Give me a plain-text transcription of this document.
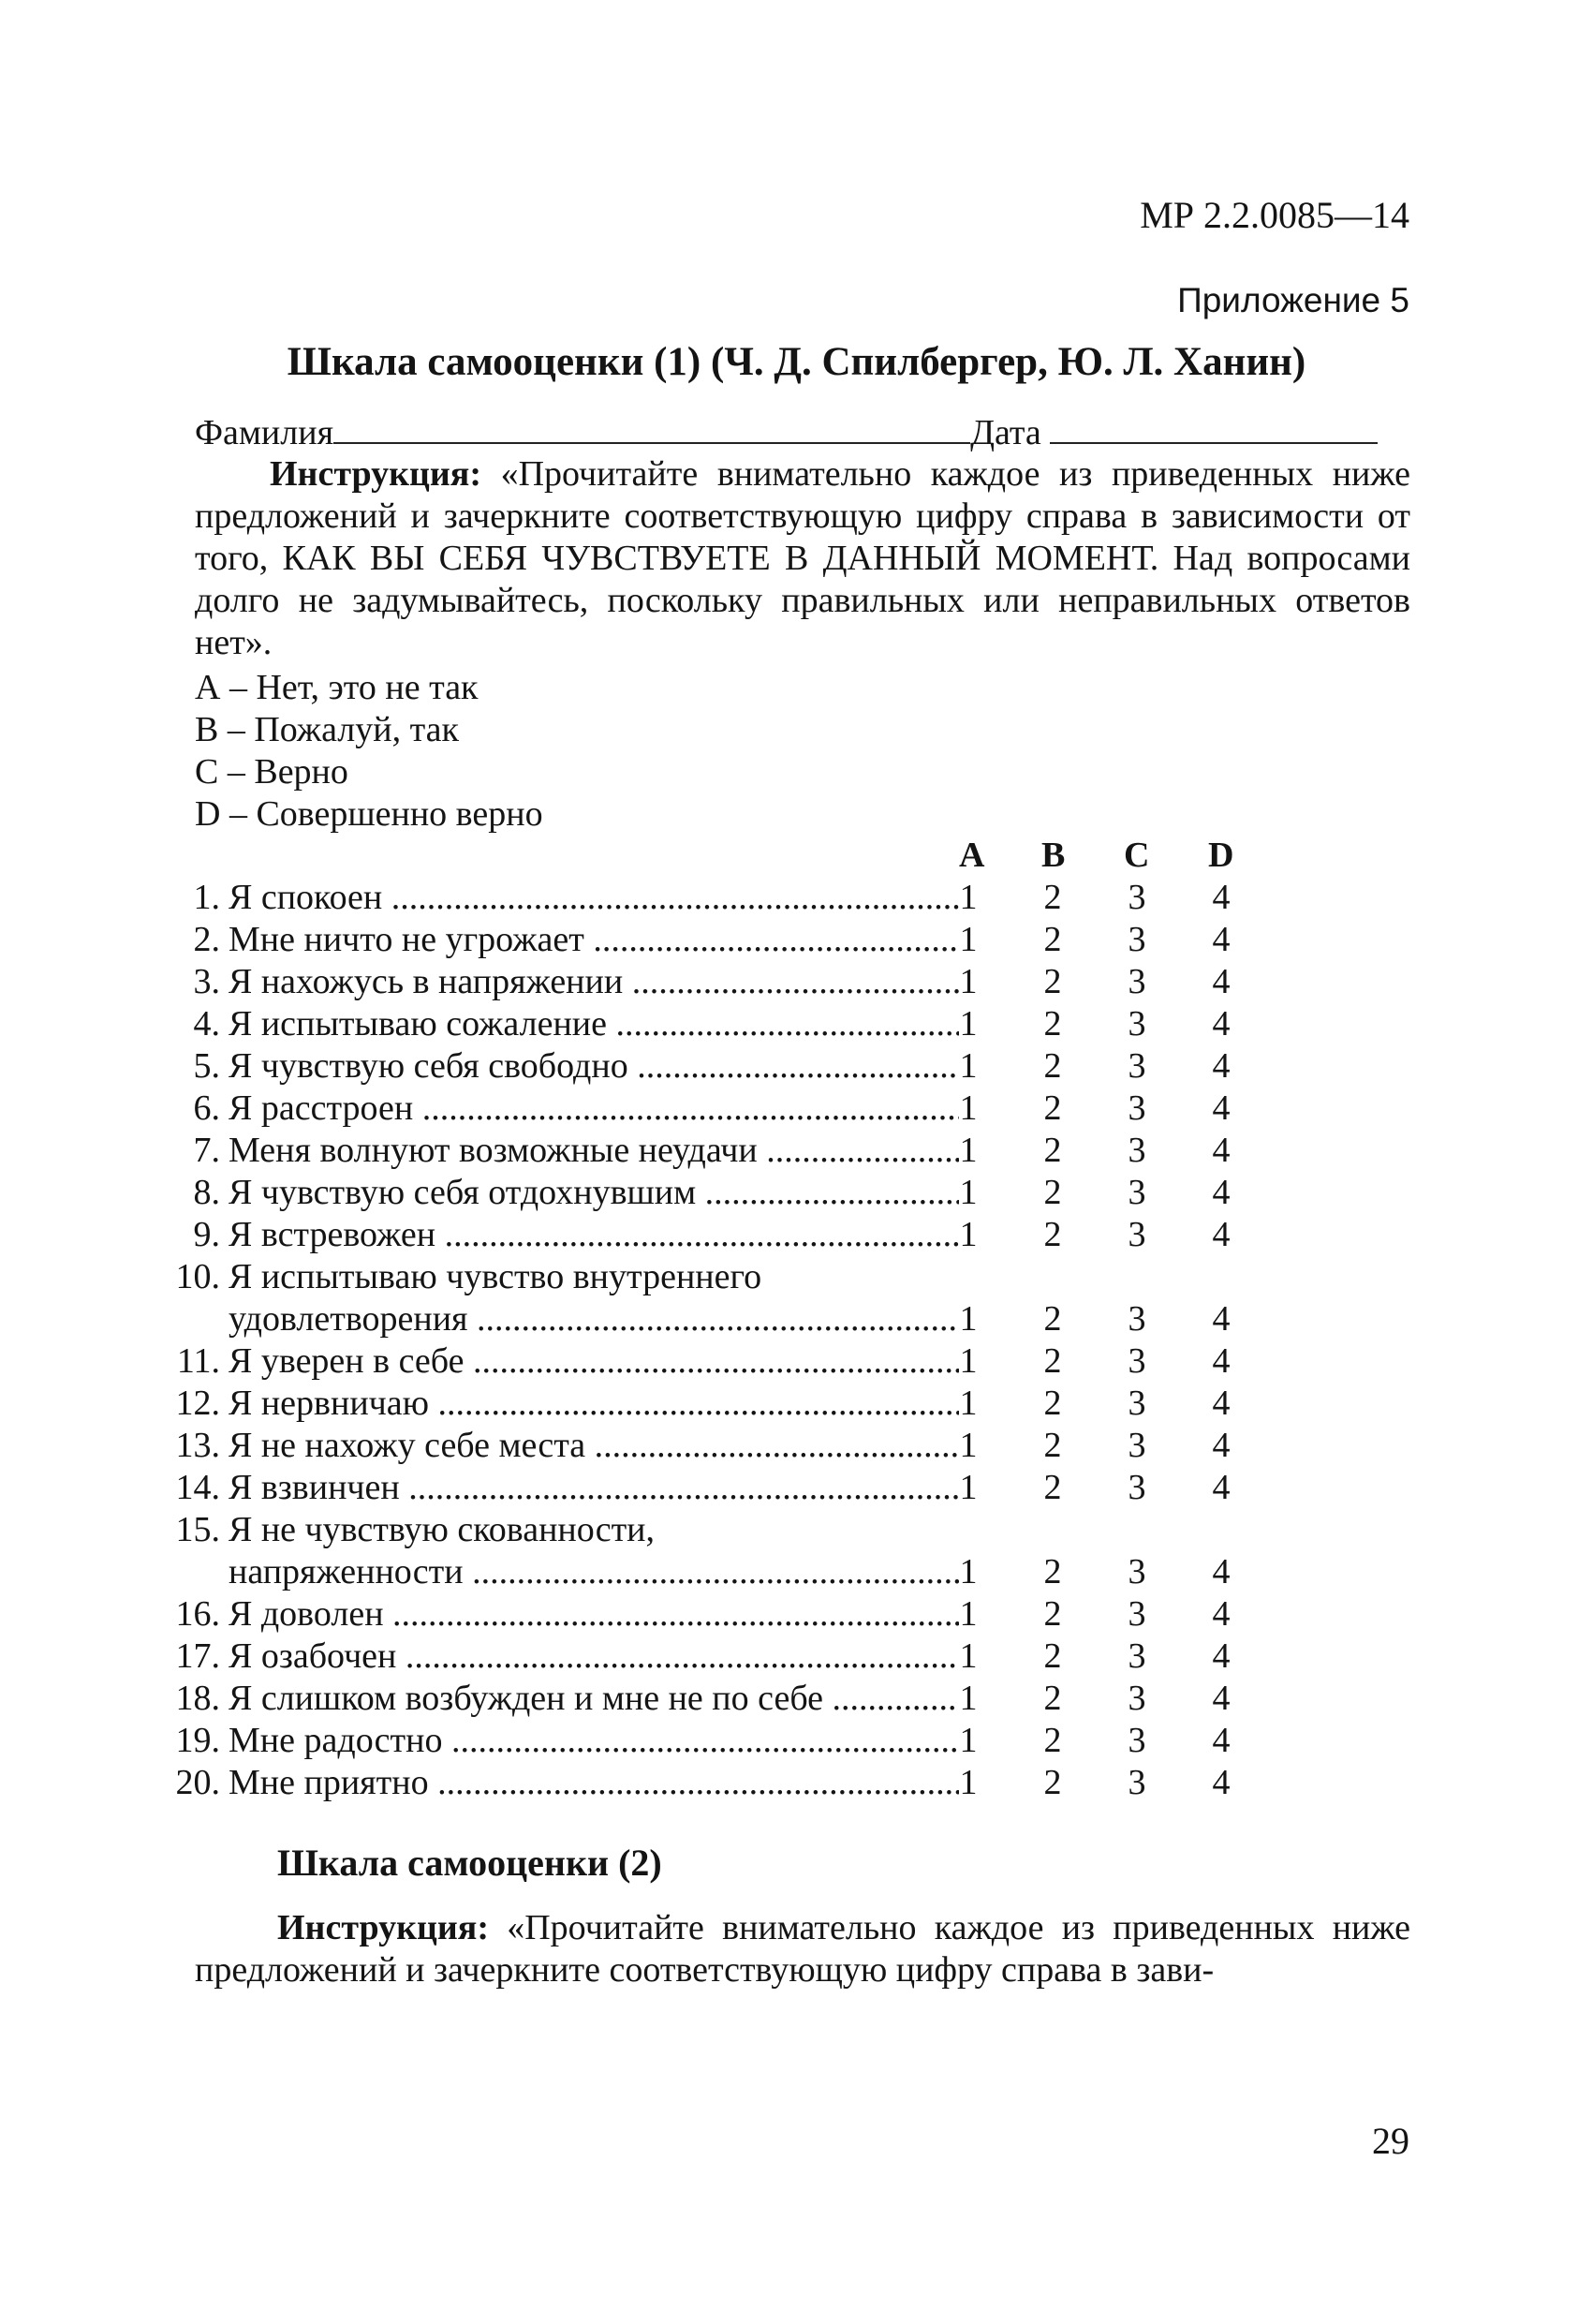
МР 2.2.0085—14
Приложение 5
Шкала самооценки (1) (Ч. Д. Спилбергер, Ю. Л. Ханин)
Фамилия	Дата
Инструкция: «Прочитайте внимательно каждое из приведенных ниже предложений и зачеркните соответствующую цифру справа в зависимости от того, КАК ВЫ СЕБЯ ЧУВСТВУЕТЕ В ДАННЫЙ МОМЕНТ. Над вопросами долго не задумывайтесь, поскольку правильных или неправильных ответов нет».
А – Нет, это не так
В – Пожалуй, так
С – Верно
D – Совершенно верно
A B C D
1. Я спокоен .....	1 2 3 4
2. Мне ничто не угрожает .....	1 2 3 4
3. Я нахожусь в напряжении .....	1 2 3 4
4. Я испытываю сожаление .....	1 2 3 4
5. Я чувствую себя свободно .....	1 2 3 4
6. Я расстроен .....	1 2 3 4
7. Меня волнуют возможные неудачи .....	1 2 3 4
8. Я чувствую себя отдохнувшим .....	1 2 3 4
9. Я встревожен .....	1 2 3 4
10. Я испытываю чувство внутреннего
удовлетворения .....	1 2 3 4
11. Я уверен в себе .....	1 2 3 4
12. Я нервничаю .....	1 2 3 4
13. Я не нахожу себе места .....	1 2 3 4
14. Я взвинчен .....	1 2 3 4
15. Я не чувствую скованности,
напряженности .....	1 2 3 4
16. Я доволен .....	1 2 3 4
17. Я озабочен .....	1 2 3 4
18. Я слишком возбужден и мне не по себе .....	1 2 3 4
19. Мне радостно .....	1 2 3 4
20. Мне приятно .....	1 2 3 4
Шкала самооценки (2)
Инструкция: «Прочитайте внимательно каждое из приведенных ниже предложений и зачеркните соответствующую цифру справа в зави-
29
